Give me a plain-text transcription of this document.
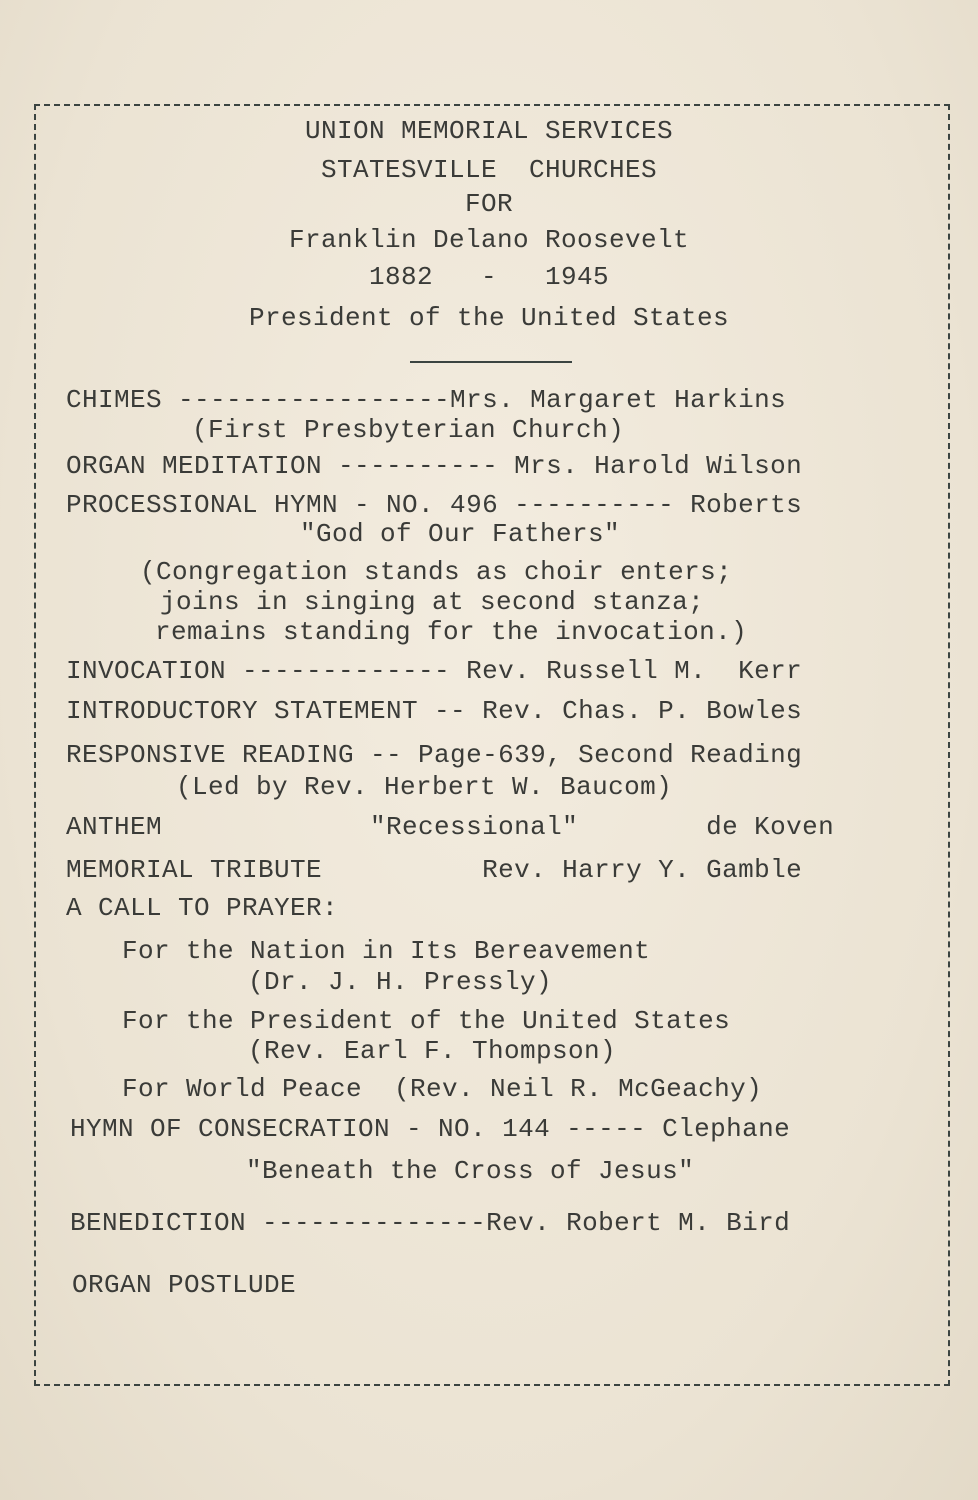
UNION MEMORIAL SERVICES
STATESVILLE  CHURCHES
FOR
Franklin Delano Roosevelt
1882   -   1945
President of the United States
CHIMES -----------------Mrs. Margaret Harkins
(First Presbyterian Church)
ORGAN MEDITATION ---------- Mrs. Harold Wilson
PROCESSIONAL HYMN - NO. 496 ---------- Roberts
"God of Our Fathers"
(Congregation stands as choir enters;
joins in singing at second stanza;
remains standing for the invocation.)
INVOCATION ------------- Rev. Russell M.  Kerr
INTRODUCTORY STATEMENT -- Rev. Chas. P. Bowles
RESPONSIVE READING -- Page-639, Second Reading
(Led by Rev. Herbert W. Baucom)
ANTHEM             "Recessional"        de Koven
MEMORIAL TRIBUTE          Rev. Harry Y. Gamble
A CALL TO PRAYER:
For the Nation in Its Bereavement
(Dr. J. H. Pressly)
For the President of the United States
(Rev. Earl F. Thompson)
For World Peace  (Rev. Neil R. McGeachy)
HYMN OF CONSECRATION - NO. 144 ----- Clephane
"Beneath the Cross of Jesus"
BENEDICTION --------------Rev. Robert M. Bird
ORGAN POSTLUDE
